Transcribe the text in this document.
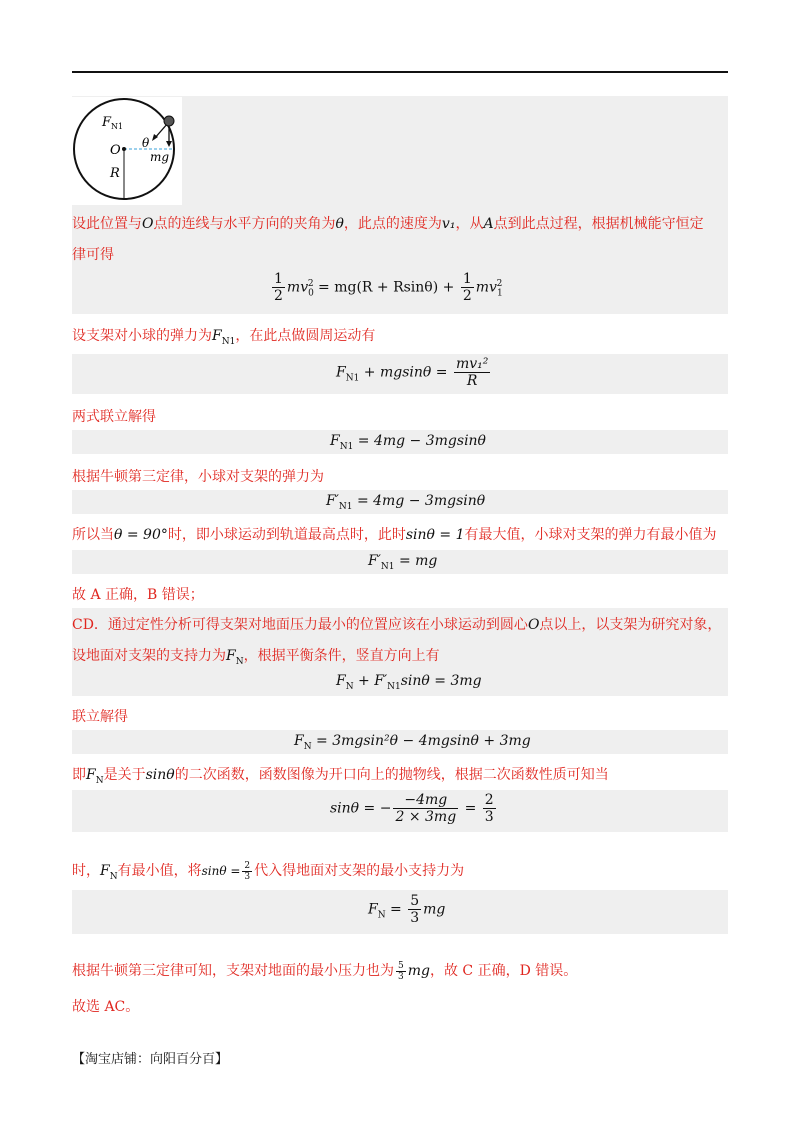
$F_{N1}$
θ
O mg
R
设此位置与O点的连线与水平方向的夹角为θ，此点的速度为v₁，从A点到此点过程，根据机械能守恒定
律可得
$\frac{1}{2} mv_0^2 = mg(R + Rsin\theta) + \frac{1}{2} mv_1^2$
设支架对小球的弹力为$F_{N1}$，在此点做圆周运动有
$F_{N1} + mgsin\theta = \frac{\text{mv₁²}}{R}$
两式联立解得
$F_{N1} = 4mg - 3mgsin\theta$
根据牛顿第三定律，小球对支架的弹力为
$F'_{N1} = 4mg - 3mgsin\theta$
所以当θ = 90°时，即小球运动到轨道最高点时，此时sinθ = 1有最大值，小球对支架的弹力有最小值为
$F'_{N1}$ = mg
故 A 正确，B 错误；
CD．通过定性分析可得支架对地面压力最小的位置应该在小球运动到圆心O点以上，以支架为研究对象，
设地面对支架的支持力为$F_N$，根据平衡条件，竖直方向上有
$F_N + F'_{N1}\sin\theta = 3mg$
联立解得
$F_N = 3mgsin^2\theta - 4mgsin\theta + 3mg$
即$F_N$是关于sinθ的二次函数，函数图像为开口向上的抛物线，根据二次函数性质可知当
sinθ = − $\frac{-4mg}{2 \times 3mg} = \frac{2}{3}$
时，$F_N$有最小值，将$\sin\theta = \frac{2}{3}$ 代入得地面对支架的最小支持力为
$F_N = \frac{5}{3}$ mg
根据牛顿第三定律可知，支架对地面的最小压力也为 $\frac{5}{3}$ mg，故 C 正确，D 错误。
故选 AC。
【淘宝店铺：向阳百分百】
